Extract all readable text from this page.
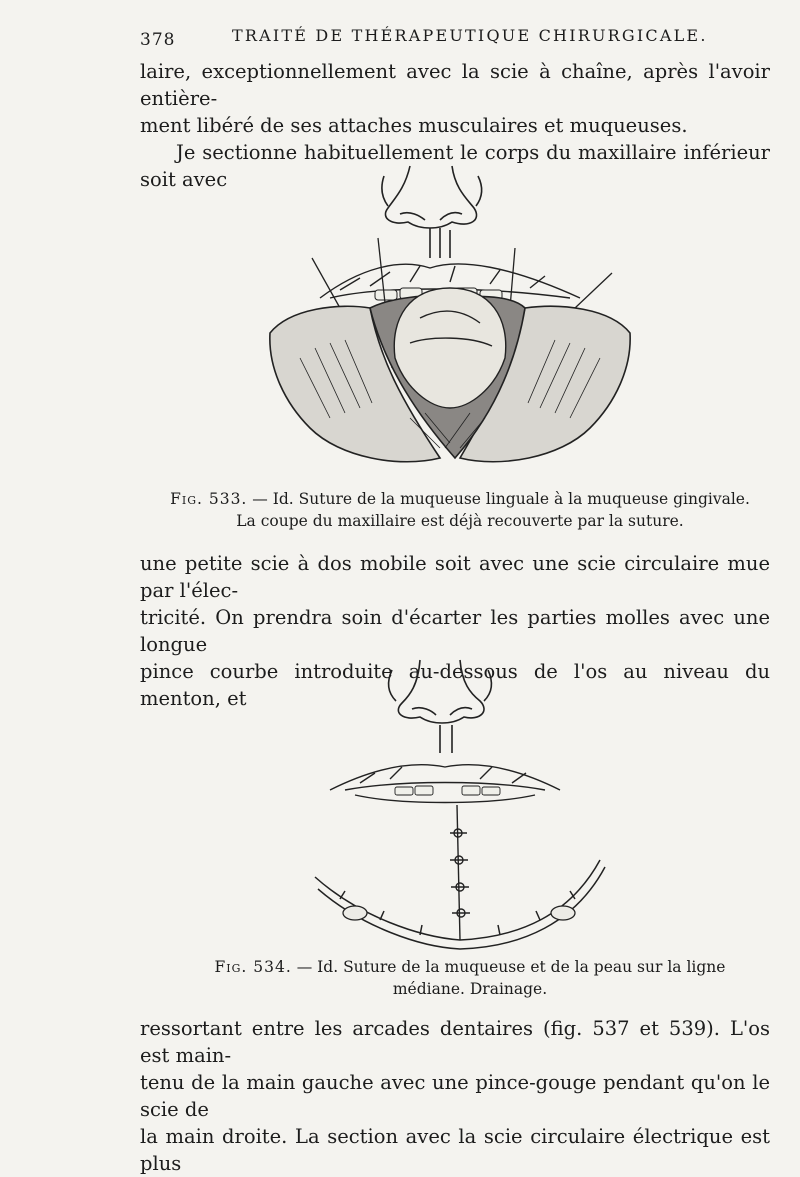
378	TRAITÉ DE THÉRAPEUTIQUE CHIRURGICALE.

laire, exceptionnellement avec la scie à chaîne, après l'avoir entière-

ment libéré de ses attaches musculaires et muqueuses.

Je sectionne habituellement le corps du maxillaire inférieur soit avec

Fig. 533. — Id. Suture de la muqueuse linguale à la muqueuse gingivale.
La coupe du maxillaire est déjà recouverte par la suture.

une petite scie à dos mobile soit avec une scie circulaire mue par l'élec-

tricité. On prendra soin d'écarter les parties molles avec une longue

pince courbe introduite au-dessous de l'os au niveau du menton, et

Fig. 534. — Id. Suture de la muqueuse et de la peau sur la ligne
médiane. Drainage.

ressortant entre les arcades dentaires (fig. 537 et 539). L'os est main-

tenu de la main gauche avec une pince-gouge pendant qu'on le scie de

la main droite. La section avec la scie circulaire électrique est plus
